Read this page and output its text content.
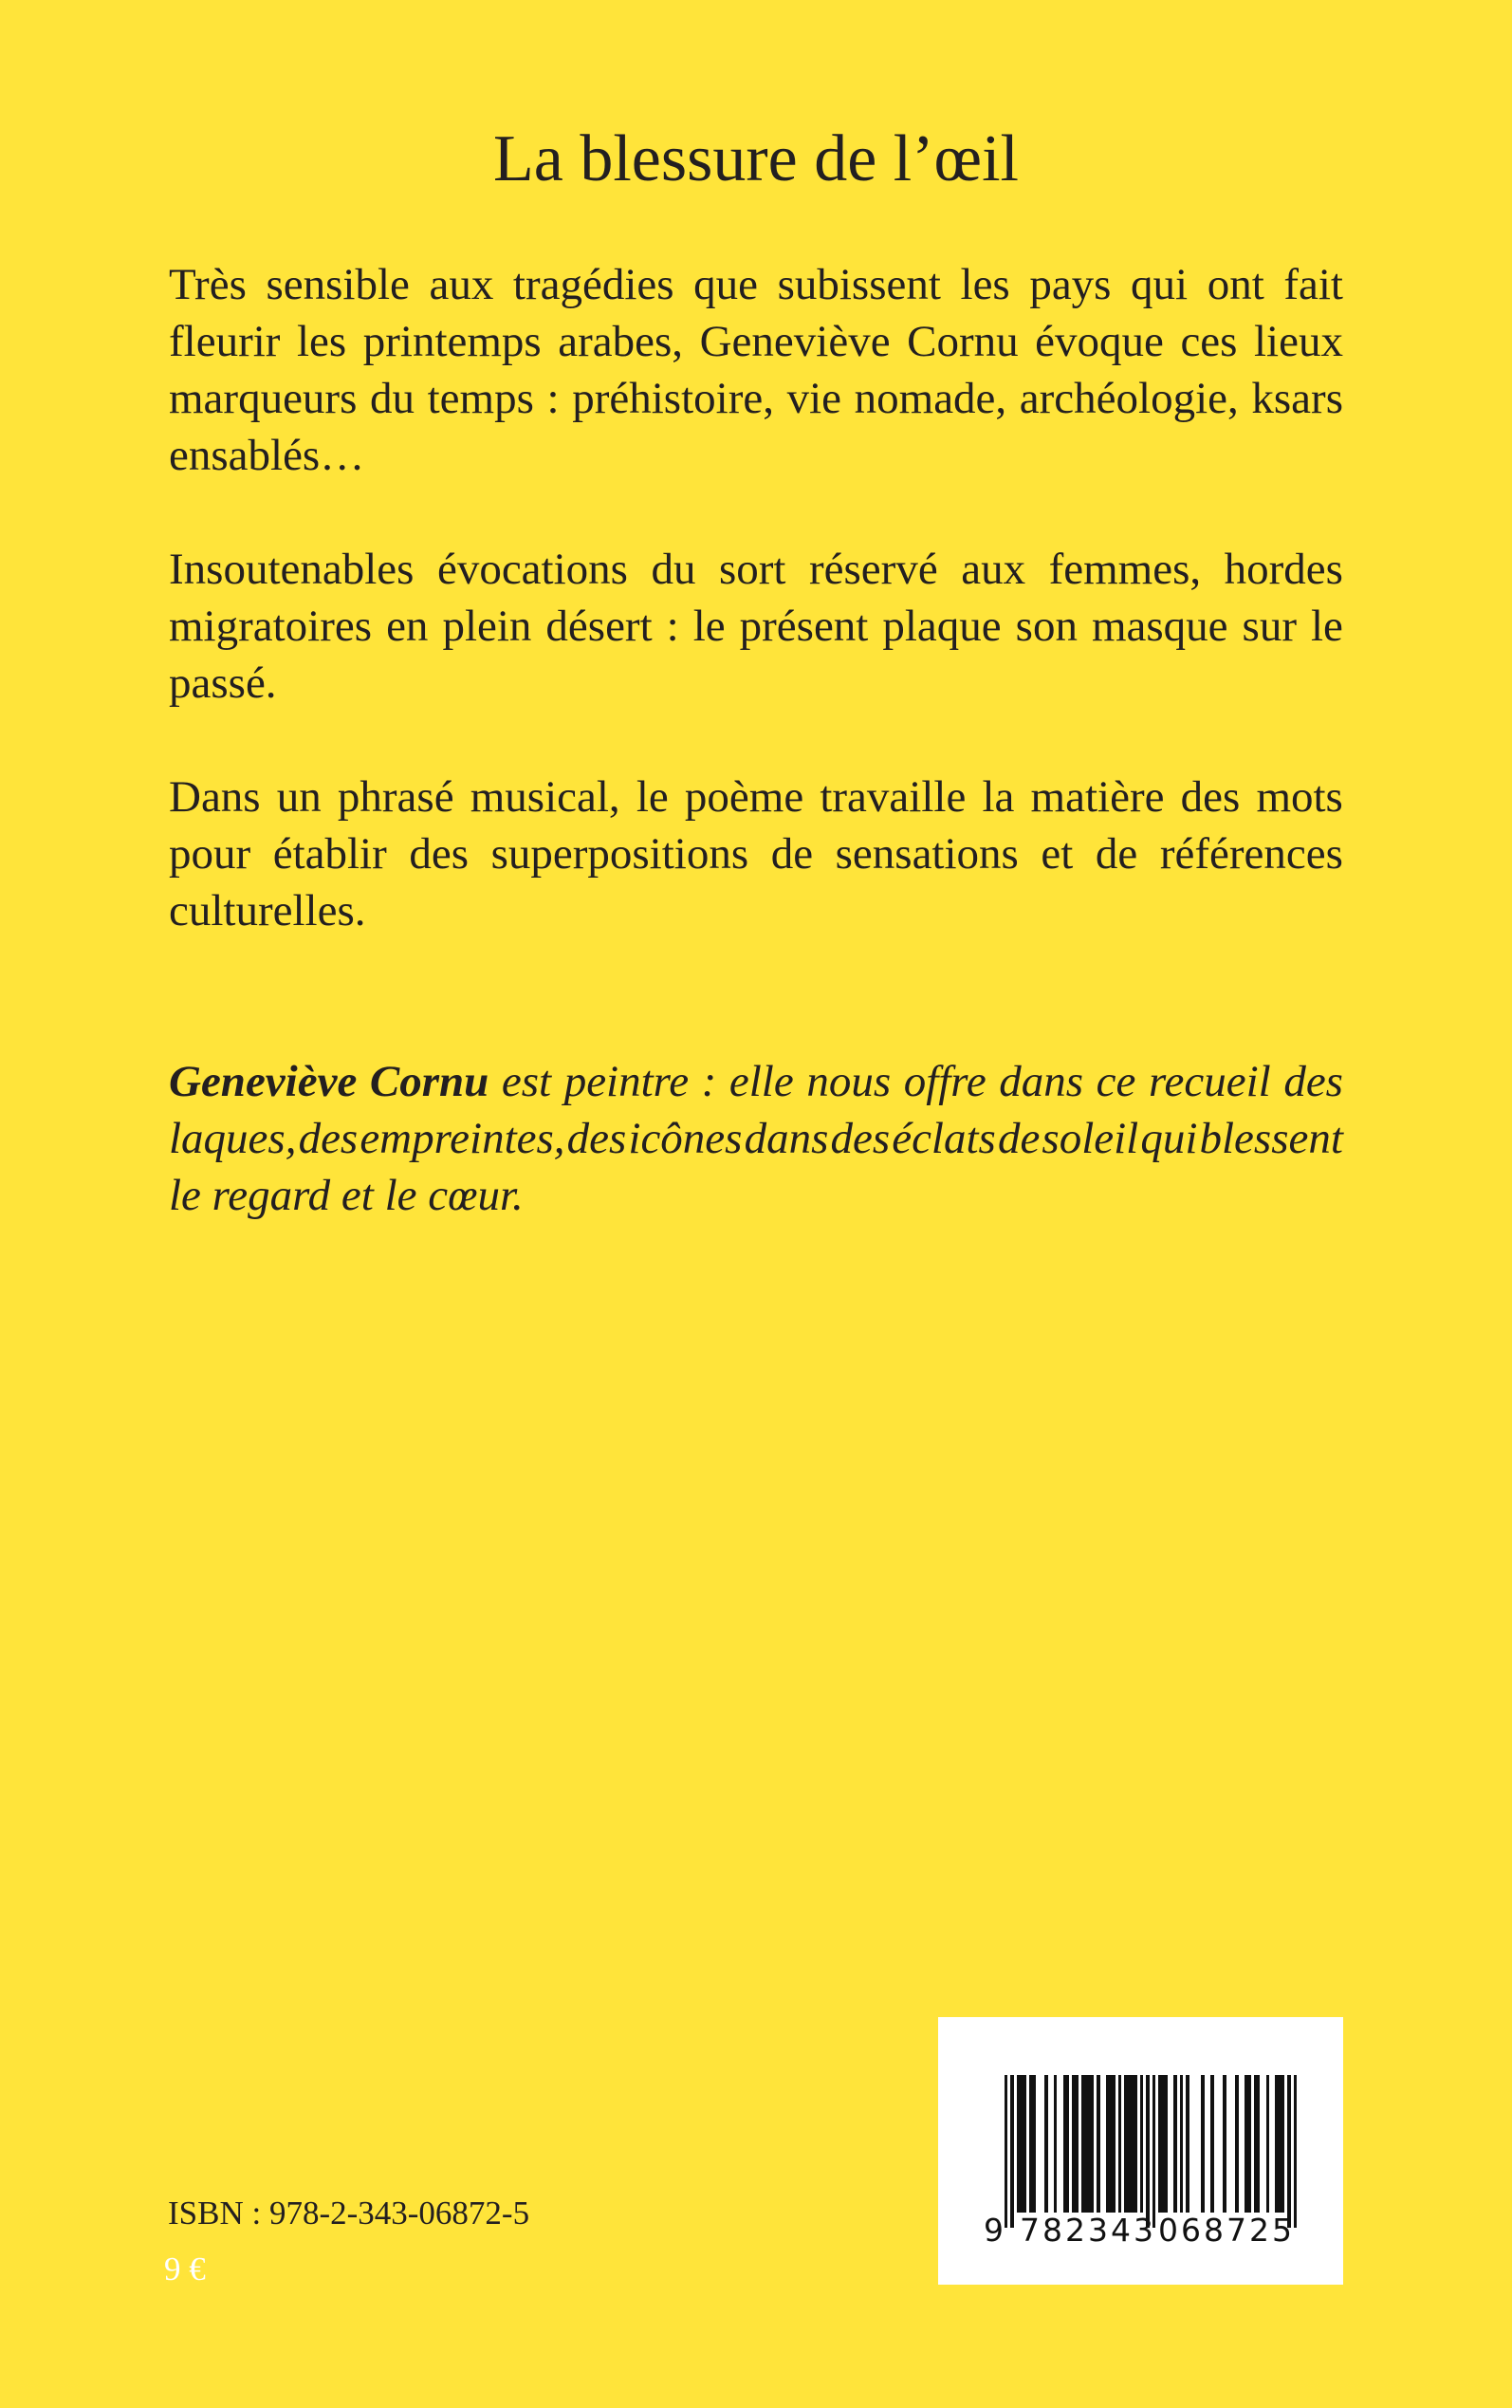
La blessure de l’œil
Très sensible aux tragédies que subissent les pays qui ont fait
fleurir les printemps arabes, Geneviève Cornu évoque ces lieux
marqueurs du temps : préhistoire, vie nomade, archéologie, ksars
ensablés…
Insoutenables évocations du sort réservé aux femmes, hordes
migratoires en plein désert : le présent plaque son masque sur le
passé.
Dans un phrasé musical, le poème travaille la matière des mots
pour établir des superpositions de sensations et de références
culturelles.
Geneviève Cornu est peintre : elle nous offre dans ce recueil des
laques, des empreintes, des icônes dans des éclats de soleil qui blessent
le regard et le cœur.
ISBN : 978-2-343-06872-5
9 €
9 782343 068725
